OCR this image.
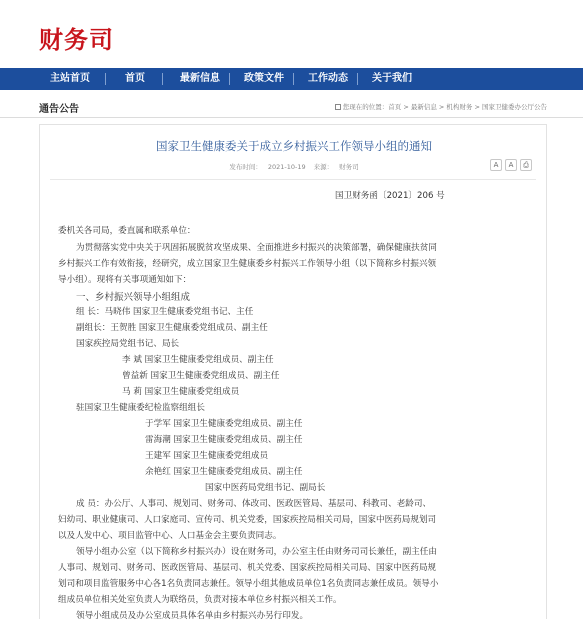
财务司
主站首页	首页	最新信息 政策文件 工作动态 关于我们
通告公告	您现在的位置：首页 > 最新信息 > 机构财务 > 国家卫健委办公厅公告
国家卫生健康委关于成立乡村振兴工作领导小组的通知
发布时间： 2021-10-19 来源： 财务司	A	A	⎙
国卫财务函〔2021〕206 号
委机关各司局，委直属和联系单位：
为贯彻落实党中央关于巩固拓展脱贫攻坚成果、全面推进乡村振兴的决策部署，确保健康扶贫同
乡村振兴工作有效衔接，经研究，成立国家卫生健康委乡村振兴工作领导小组（以下简称乡村振兴领
导小组）。现将有关事项通知如下：
一、乡村振兴领导小组组成
组 长：马晓伟 国家卫生健康委党组书记、主任
副组长：王贺胜 国家卫生健康委党组成员、副主任
国家疾控局党组书记、局长
李 斌 国家卫生健康委党组成员、副主任
曾益新 国家卫生健康委党组成员、副主任
马 莉 国家卫生健康委党组成员
驻国家卫生健康委纪检监察组组长
于学军 国家卫生健康委党组成员、副主任
雷海潮 国家卫生健康委党组成员、副主任
王建军 国家卫生健康委党组成员
余艳红 国家卫生健康委党组成员、副主任
国家中医药局党组书记、副局长
成 员：办公厅、人事司、规划司、财务司、体改司、医政医管局、基层司、科教司、老龄司、
妇幼司、职业健康司、人口家庭司、宣传司、机关党委，国家疾控局相关司局，国家中医药局规划司
以及人发中心、项目监管中心、人口基金会主要负责同志。
领导小组办公室（以下简称乡村振兴办）设在财务司，办公室主任由财务司司长兼任，副主任由
人事司、规划司、财务司、医政医管局、基层司、机关党委、国家疾控局相关司局、国家中医药局规
划司和项目监管服务中心各1名负责同志兼任。领导小组其他成员单位1名负责同志兼任成员。领导小
组成员单位相关处室负责人为联络员，负责对接本单位乡村振兴相关工作。
领导小组成员及办公室成员具体名单由乡村振兴办另行印发。
